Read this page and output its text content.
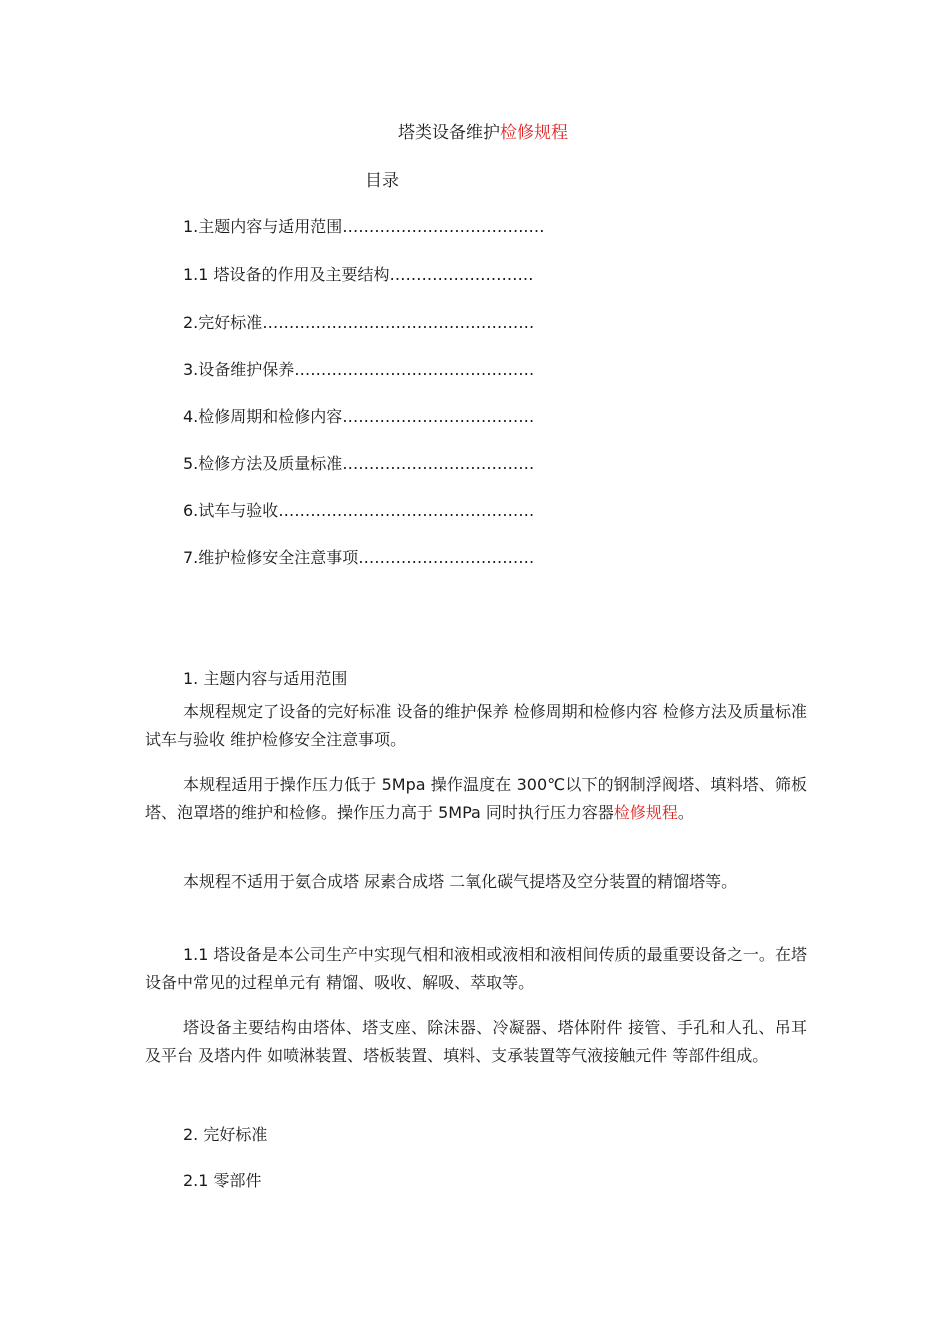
塔类设备维护检修规程
目录
1.主题内容与适用范围……………………………..…
1.1 塔设备的作用及主要结构………………………
2.完好标准……………………………………………
3.设备维护保养………………………………………
4.检修周期和检修内容………………………………
5.检修方法及质量标准………………………………
6.试车与验收…………………………………………
7.维护检修安全注意事项……………………………
1. 主题内容与适用范围

本规程规定了设备的完好标准 设备的维护保养 检修周期和检修内容 检修方法及质量标准 试车与验收 维护检修安全注意事项。

本规程适用于操作压力低于 5Mpa 操作温度在 300℃以下的钢制浮阀塔、填料塔、筛板塔、泡罩塔的维护和检修。操作压力高于 5MPa 同时执行压力容器检修规程。

本规程不适用于氨合成塔 尿素合成塔 二氧化碳气提塔及空分装置的精馏塔等。

1.1 塔设备是本公司生产中实现气相和液相或液相和液相间传质的最重要设备之一。在塔设备中常见的过程单元有 精馏、吸收、解吸、萃取等。

塔设备主要结构由塔体、塔支座、除沫器、冷凝器、塔体附件 接管、手孔和人孔、吊耳及平台 及塔内件 如喷淋装置、塔板装置、填料、支承装置等气液接触元件 等部件组成。

2. 完好标准
2.1 零部件
